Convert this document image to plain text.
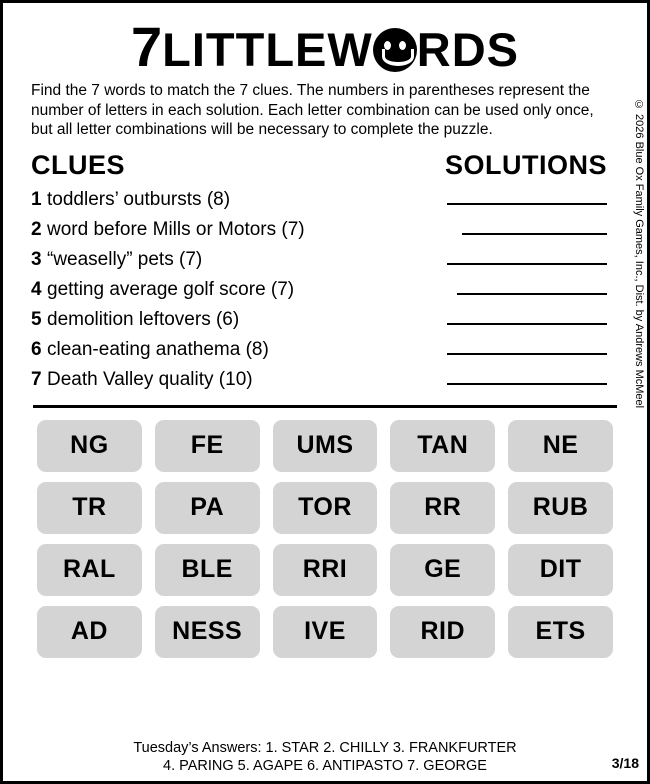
7LITTLEW RDS
Find the 7 words to match the 7 clues. The numbers in parentheses represent the number of letters in each solution. Each letter combination can be used only once, but all letter combinations will be necessary to complete the puzzle.
CLUES	SOLUTIONS
1 toddlers’ outbursts (8)
2 word before Mills or Motors (7)
3 “weaselly” pets (7)
4 getting average golf score (7)
5 demolition leftovers (6)
6 clean-eating anathema (8)
7 Death Valley quality (10)
NG	FE	UMS	TAN	NE
TR	PA	TOR	RR	RUB
RAL	BLE	RRI	GE	DIT
AD	NESS	IVE	RID	ETS
Tuesday’s Answers: 1. STAR 2. CHILLY 3. FRANKFURTER
4. PARING 5. AGAPE 6. ANTIPASTO 7. GEORGE	3/18
© 2026 Blue Ox Family Games, Inc., Dist. by Andrews McMeel
